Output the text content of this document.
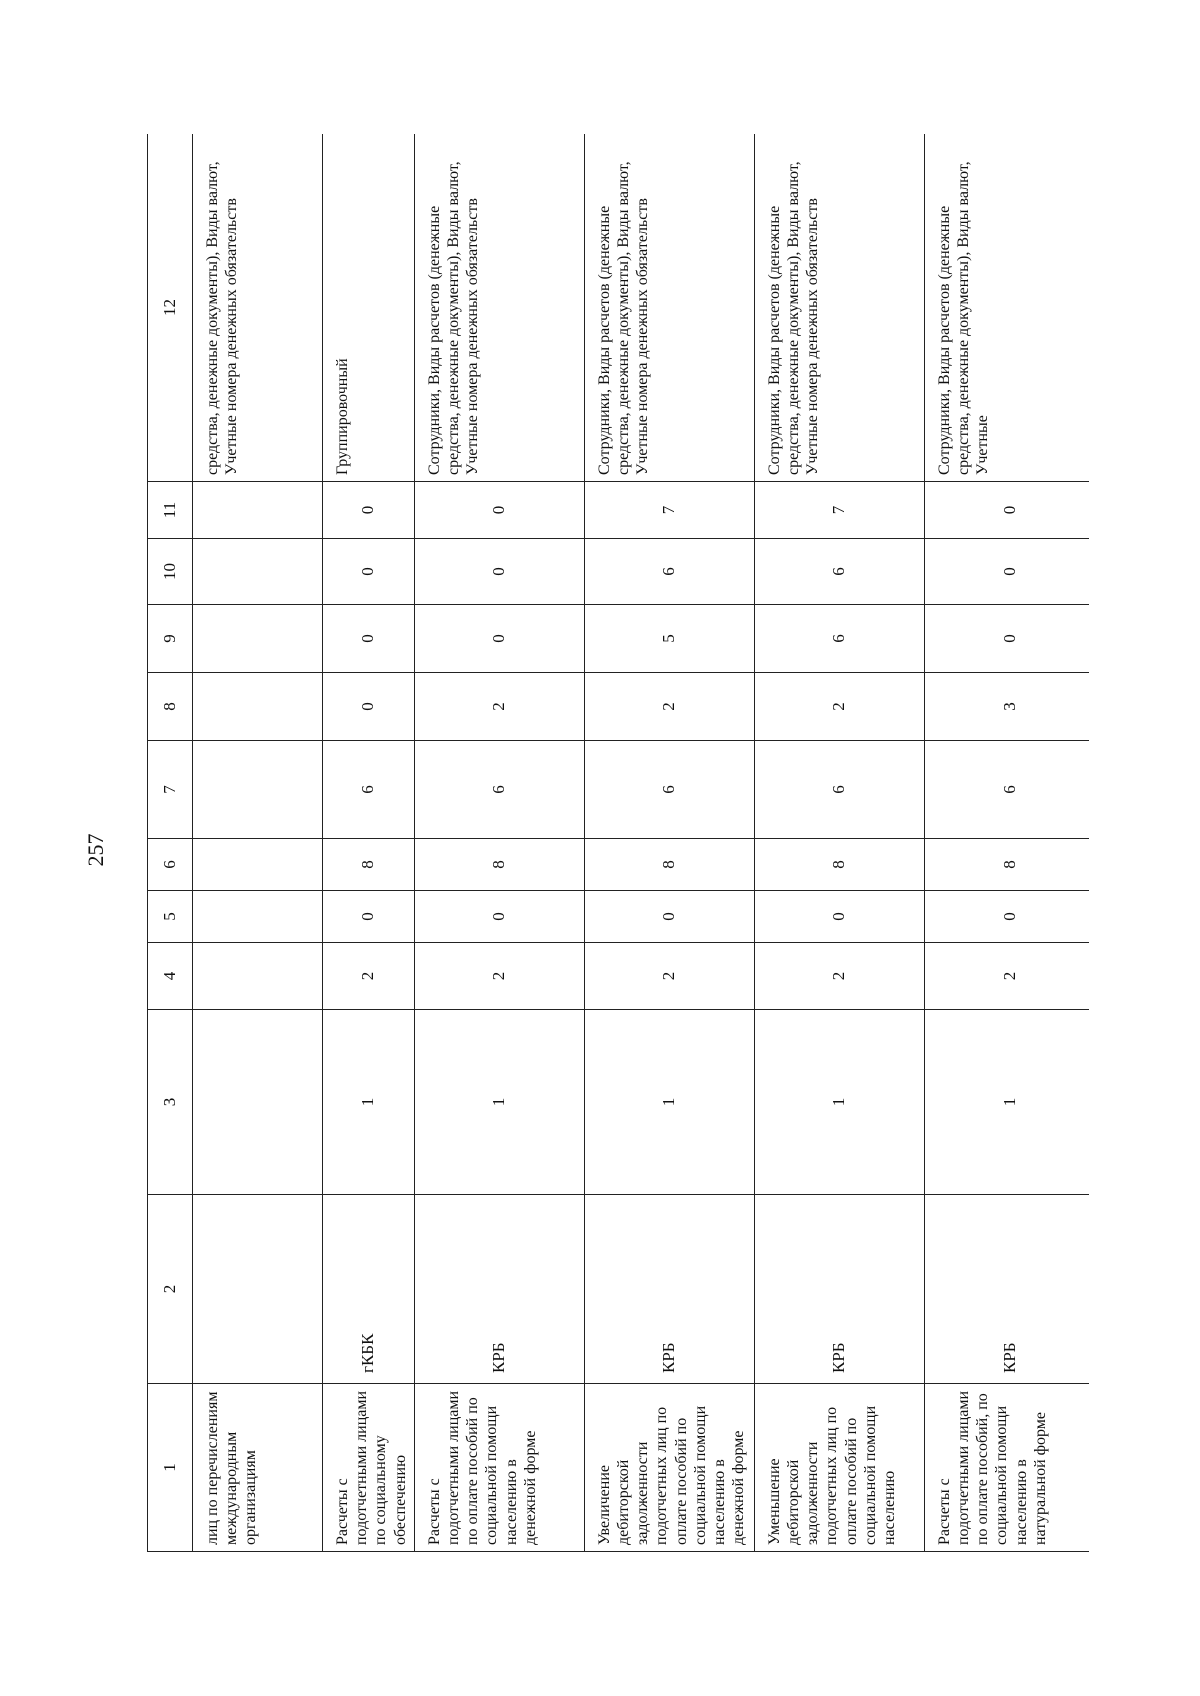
257
1	2	3	4	5	6	7	8	9	10	11	12
лиц по перечислениям международным организациям											средства, денежные документы), Виды валют, Учетные номера денежных обязательств
Расчеты с подотчетными лицами по социальному обеспечению	гКБК	1	2	0	8	6	0	0	0	0	Группировочный
Расчеты с подотчетными лицами по оплате пособий по социальной помощи населению в денежной форме	КРБ	1	2	0	8	6	2	0	0	0	Сотрудники, Виды расчетов (денежные средства, денежные документы), Виды валют, Учетные номера денежных обязательств
Увеличение дебиторской задолженности подотчетных лиц по оплате пособий по социальной помощи населению в денежной форме	КРБ	1	2	0	8	6	2	5	6	7	Сотрудники, Виды расчетов (денежные средства, денежные документы), Виды валют, Учетные номера денежных обязательств
Уменьшение дебиторской задолженности подотчетных лиц по оплате пособий по социальной помощи населению	КРБ	1	2	0	8	6	2	6	6	7	Сотрудники, Виды расчетов (денежные средства, денежные документы), Виды валют, Учетные номера денежных обязательств
Расчеты с подотчетными лицами по оплате пособий, по социальной помощи населению в натуральной форме	КРБ	1	2	0	8	6	3	0	0	0	Сотрудники, Виды расчетов (денежные средства, денежные документы), Виды валют, Учетные
